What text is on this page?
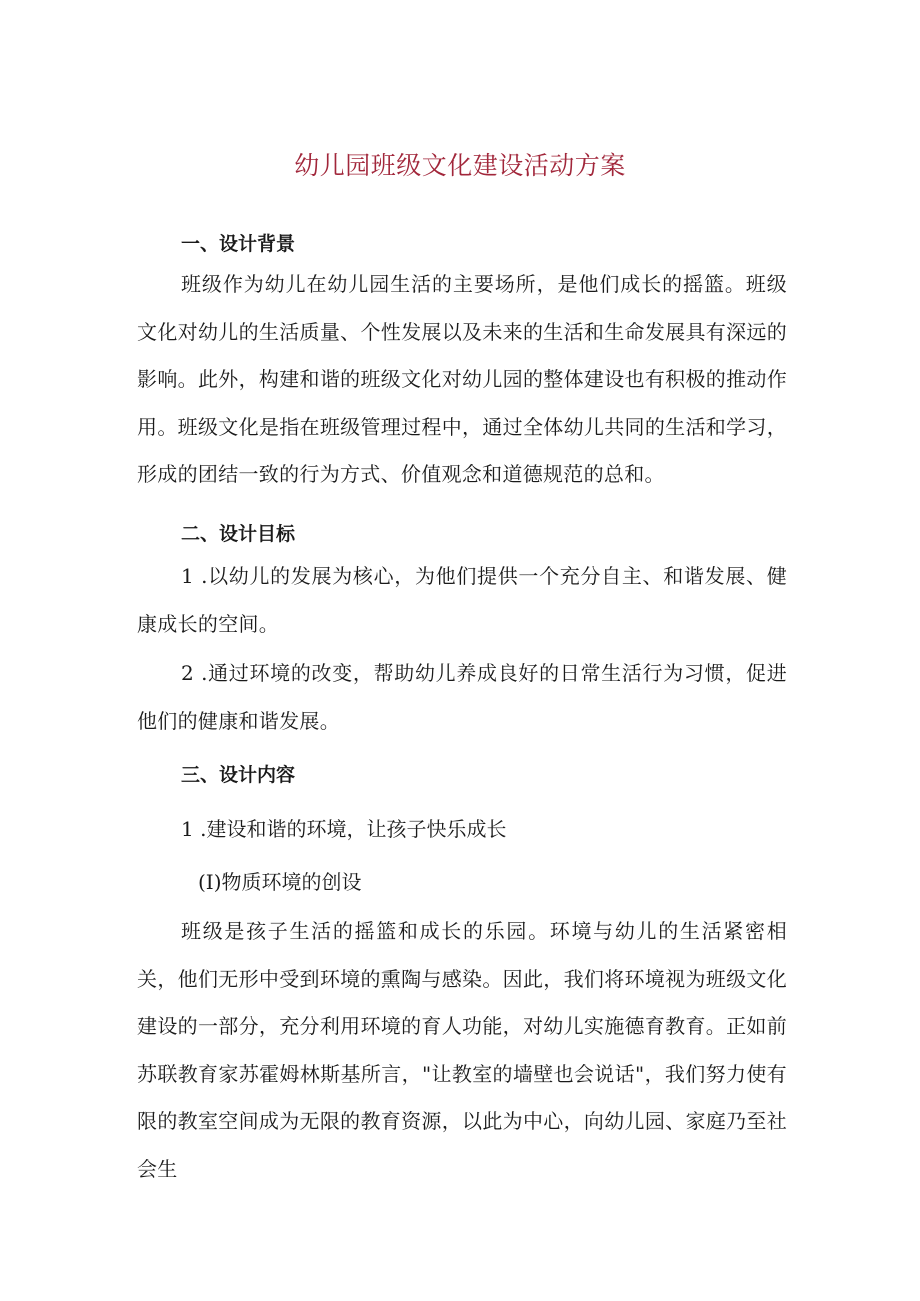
幼儿园班级文化建设活动方案
一、设计背景
班级作为幼儿在幼儿园生活的主要场所，是他们成长的摇篮。班级文化对幼儿的生活质量、个性发展以及未来的生活和生命发展具有深远的影响。此外，构建和谐的班级文化对幼儿园的整体建设也有积极的推动作用。班级文化是指在班级管理过程中，通过全体幼儿共同的生活和学习，形成的团结一致的行为方式、价值观念和道德规范的总和。
二、设计目标
1 .以幼儿的发展为核心，为他们提供一个充分自主、和谐发展、健康成长的空间。
2 .通过环境的改变，帮助幼儿养成良好的日常生活行为习惯，促进他们的健康和谐发展。
三、设计内容
1 .建设和谐的环境，让孩子快乐成长
(I)物质环境的创设
班级是孩子生活的摇篮和成长的乐园。环境与幼儿的生活紧密相关，他们无形中受到环境的熏陶与感染。因此，我们将环境视为班级文化建设的一部分，充分利用环境的育人功能，对幼儿实施德育教育。正如前苏联教育家苏霍姆林斯基所言，"让教室的墙壁也会说话"，我们努力使有限的教室空间成为无限的教育资源，以此为中心，向幼儿园、家庭乃至社会生
